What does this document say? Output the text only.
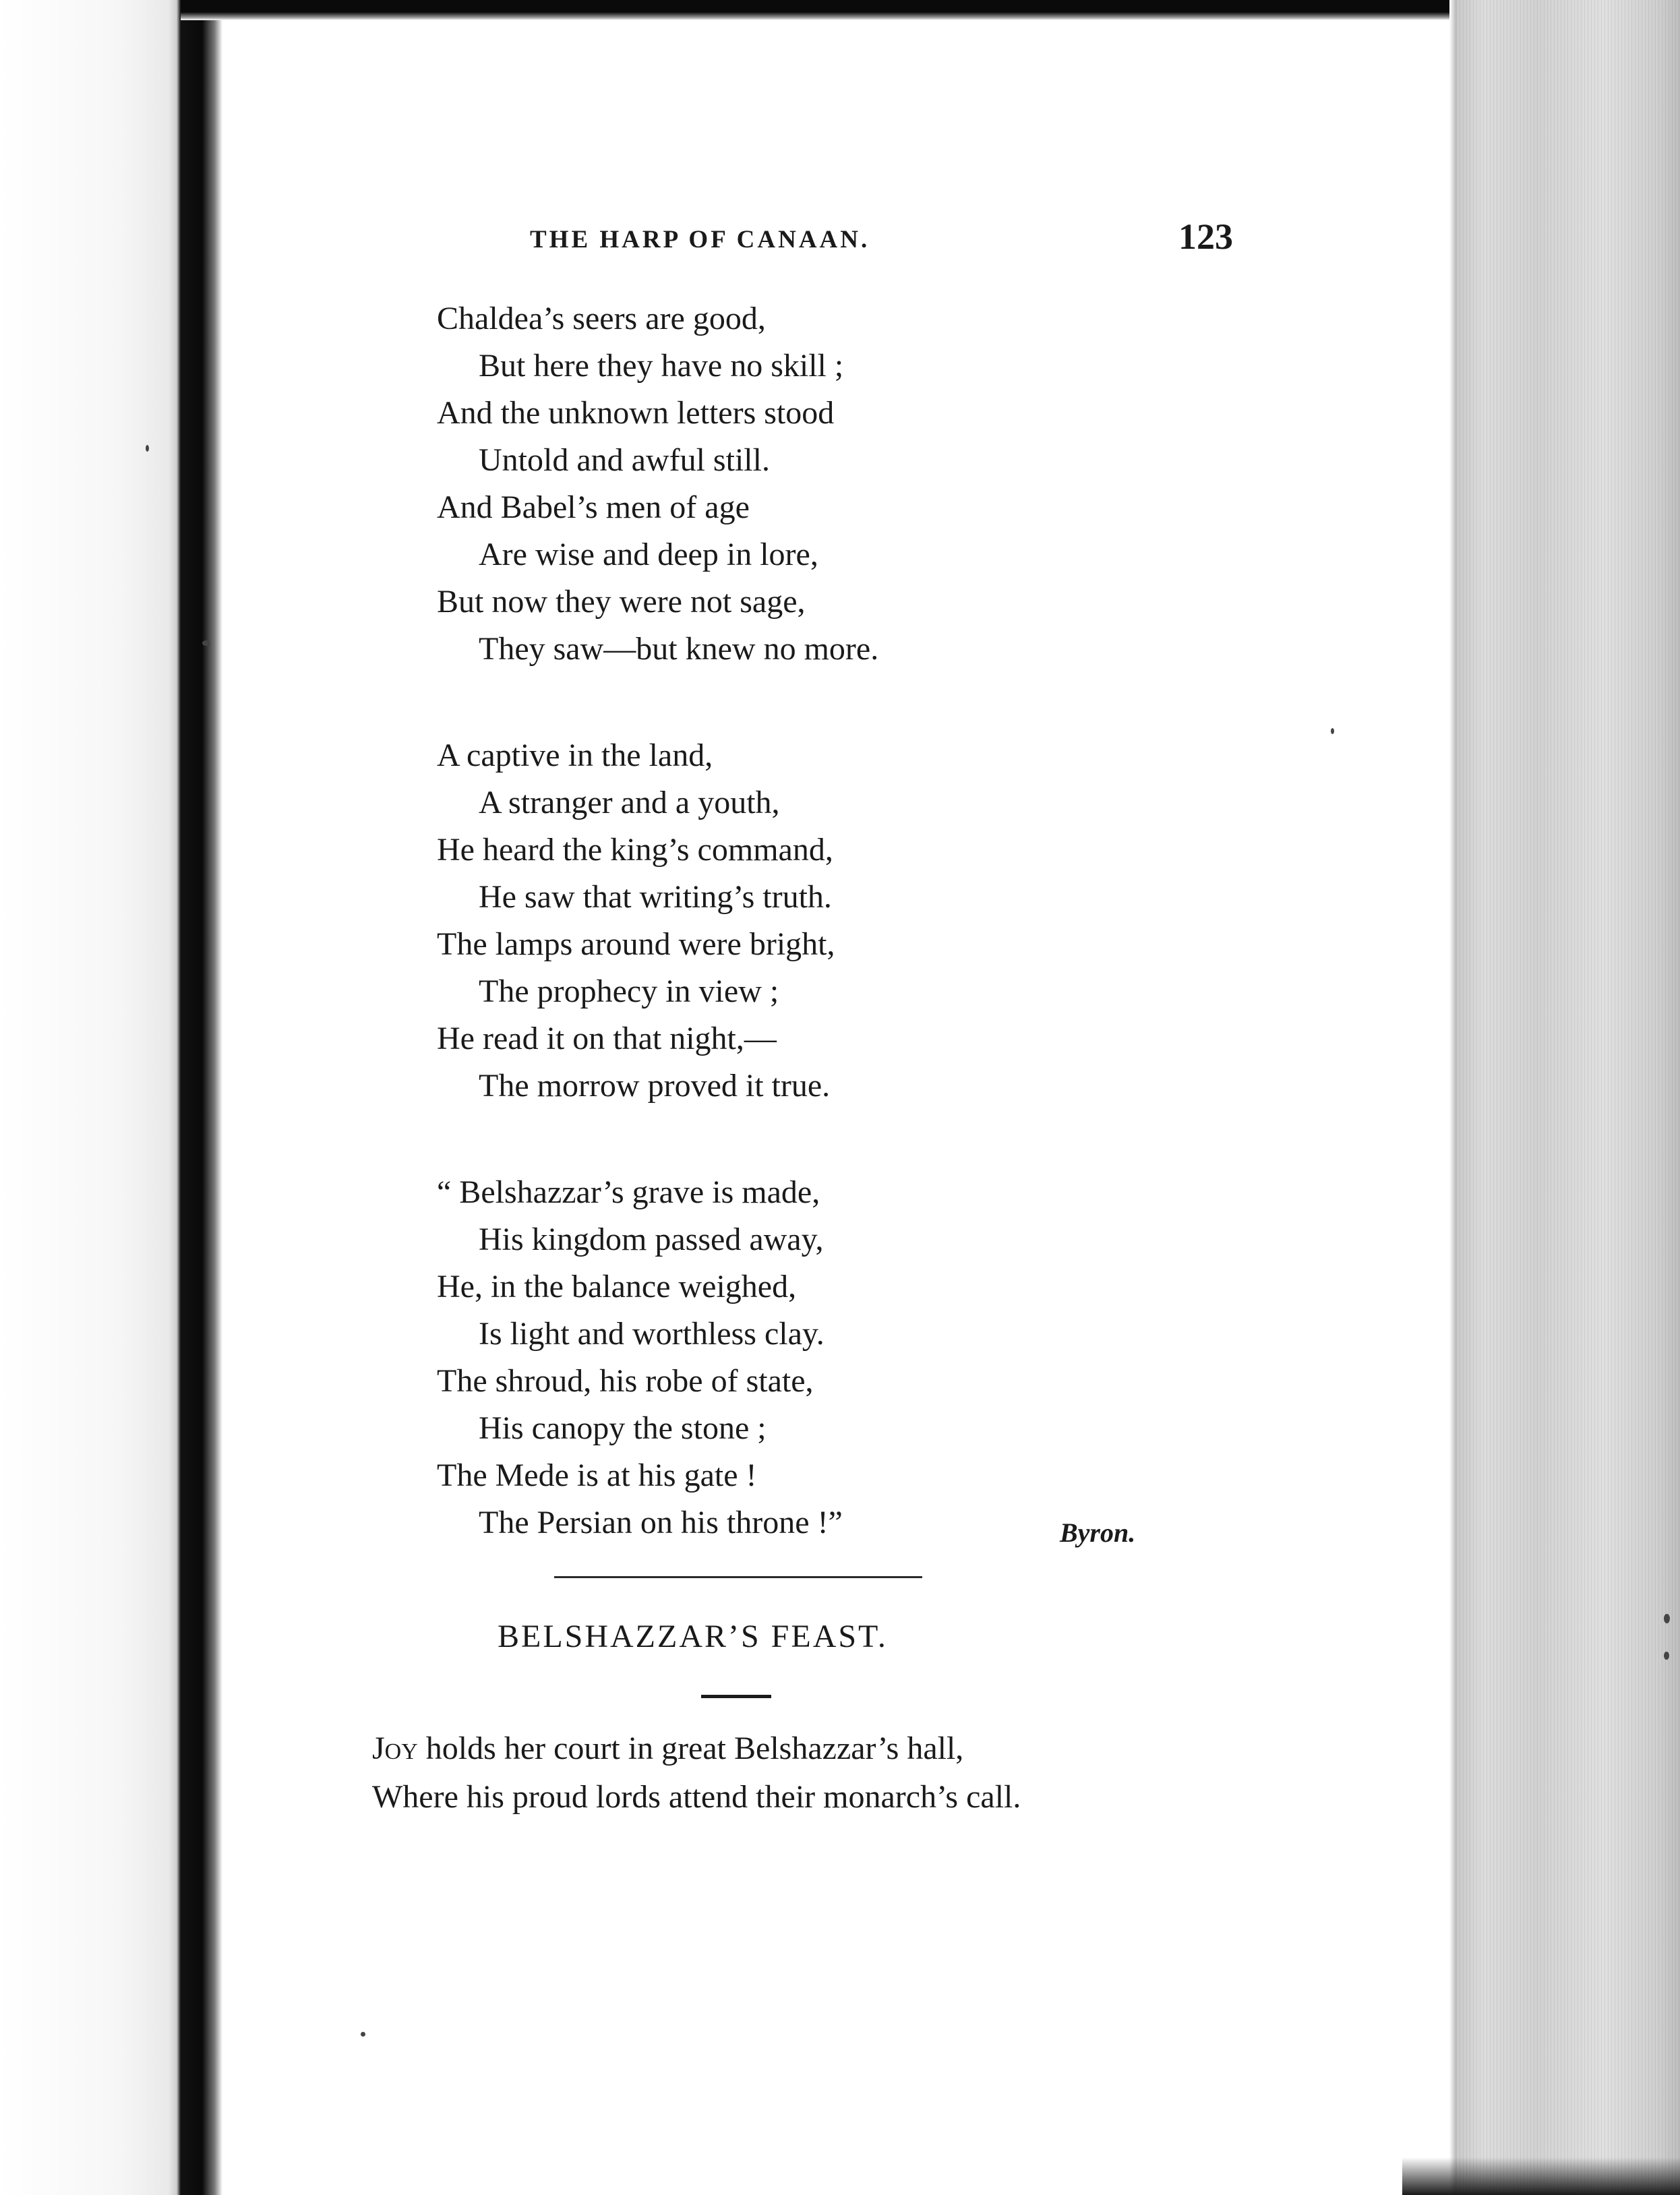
THE HARP OF CANAAN.	123
Chaldea’s seers are good,
But here they have no skill ;
And the unknown letters stood
Untold and awful still.
And Babel’s men of age
Are wise and deep in lore,
But now they were not sage,
They saw—but knew no more.
A captive in the land,
A stranger and a youth,
He heard the king’s command,
He saw that writing’s truth.
The lamps around were bright,
The prophecy in view ;
He read it on that night,—
The morrow proved it true.
“ Belshazzar’s grave is made,
His kingdom passed away,
He, in the balance weighed,
Is light and worthless clay.
The shroud, his robe of state,
His canopy the stone ;
The Mede is at his gate !
The Persian on his throne !”	Byron.
BELSHAZZAR’S FEAST.
Joy holds her court in great Belshazzar’s hall,
Where his proud lords attend their monarch’s call.
